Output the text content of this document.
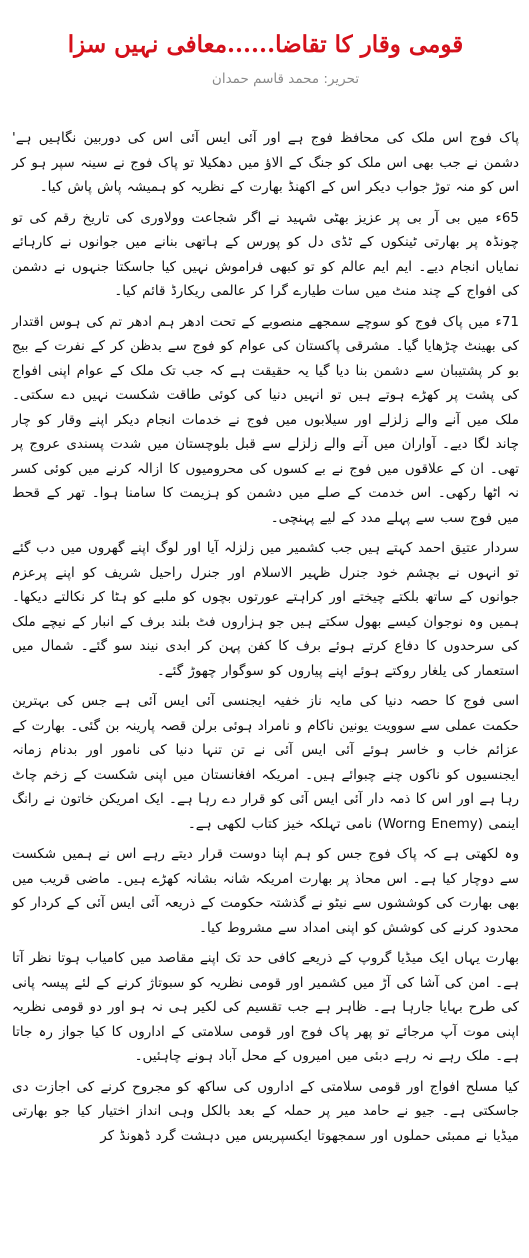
قومی وقار کا تقاضا......معافی نہیں سزا
تحریر: محمد قاسم حمدان

پاک فوج اس ملک کی محافظ فوج ہے اور آئی ایس آئی اس کی دوربین نگاہیں ہے' دشمن نے جب بھی اس ملک کو جنگ کے الاؤ میں دھکیلا تو پاک فوج نے سینہ سپر ہو کر اس کو منہ توڑ جواب دیکر اس کے اکھنڈ بھارت کے نظریہ کو ہمیشہ پاش پاش کیا۔

65ء میں بی آر بی پر عزیز بھٹی شہید نے اگر شجاعت وولاوری کی تاریخ رقم کی تو چونڈہ پر بھارتی ٹینکوں کے ٹڈی دل کو پورس کے ہاتھی بنانے میں جوانوں نے کارہائے نمایاں انجام دیے۔ ایم ایم عالم کو تو کبھی فراموش نہیں کیا جاسکتا جنہوں نے دشمن کی افواج کے چند منٹ میں سات طیارے گرا کر عالمی ریکارڈ قائم کیا۔

71ء میں پاک فوج کو سوچے سمجھے منصوبے کے تحت ادھر ہم ادھر تم کی ہوس اقتدار کی بھینٹ چڑھایا گیا۔ مشرقی پاکستان کی عوام کو فوج سے بدظن کر کے نفرت کے بیج بو کر پشتیبان سے دشمن بنا دیا گیا یہ حقیقت ہے کہ جب تک ملک کے عوام اپنی افواج کی پشت پر کھڑے ہوتے ہیں تو انہیں دنیا کی کوئی طاقت شکست نہیں دے سکتی۔ ملک میں آنے والے زلزلے اور سیلابوں میں فوج نے خدمات انجام دیکر اپنے وقار کو چار چاند لگا دیے۔ آواران میں آنے والے زلزلے سے قبل بلوچستان میں شدت پسندی عروج پر تھی۔ ان کے علاقوں میں فوج نے بے کسوں کی محرومیوں کا ازالہ کرنے میں کوئی کسر نہ اٹھا رکھی۔ اس خدمت کے صلے میں دشمن کو ہزیمت کا سامنا ہوا۔ تھر کے قحط میں فوج سب سے پہلے مدد کے لیے پہنچی۔

سردار عتیق احمد کہتے ہیں جب کشمیر میں زلزلہ آیا اور لوگ اپنے گھروں میں دب گئے تو انہوں نے بچشم خود جنرل ظہیر الاسلام اور جنرل راحیل شریف کو اپنے پرعزم جوانوں کے ساتھ بلکتے چیختے اور کراہتے عورتوں بچوں کو ملبے کو ہٹا کر نکالتے دیکھا۔ ہمیں وہ نوجوان کیسے بھول سکتے ہیں جو ہزاروں فٹ بلند برف کے انبار کے نیچے ملک کی سرحدوں کا دفاع کرتے ہوئے برف کا کفن پہن کر ابدی نیند سو گئے۔ شمال میں استعمار کی یلغار روکتے ہوئے اپنے پیاروں کو سوگوار چھوڑ گئے۔

اسی فوج کا حصہ دنیا کی مایہ ناز خفیہ ایجنسی آئی ایس آئی ہے جس کی بہترین حکمت عملی سے سوویت یونین ناکام و نامراد ہوئی برلن قصہ پارینہ بن گئی۔ بھارت کے عزائم خاب و خاسر ہوئے آئی ایس آئی نے تن تنہا دنیا کی نامور اور بدنام زمانہ ایجنسیوں کو ناکوں چنے چبوائے ہیں۔ امریکہ افغانستان میں اپنی شکست کے زخم چاٹ رہا ہے اور اس کا ذمہ دار آئی ایس آئی کو قرار دے رہا ہے۔ ایک امریکن خاتون نے رانگ اینمی (Worng Enemy) نامی تہلکہ خیز کتاب لکھی ہے۔

وہ لکھتی ہے کہ پاک فوج جس کو ہم اپنا دوست قرار دیتے رہے اس نے ہمیں شکست سے دوچار کیا ہے۔ اس محاذ پر بھارت امریکہ شانہ بشانہ کھڑے ہیں۔ ماضی قریب میں بھی بھارت کی کوششوں سے نیٹو نے گذشتہ حکومت کے ذریعہ آئی ایس آئی کے کردار کو محدود کرنے کی کوشش کو اپنی امداد سے مشروط کیا۔

بھارت یہاں ایک میڈیا گروپ کے ذریعے کافی حد تک اپنے مقاصد میں کامیاب ہوتا نظر آتا ہے۔ امن کی آشا کی آڑ میں کشمیر اور قومی نظریہ کو سبوتاژ کرنے کے لئے پیسہ پانی کی طرح بہایا جارہا ہے۔ ظاہر ہے جب تقسیم کی لکیر ہی نہ ہو اور دو قومی نظریہ اپنی موت آپ مرجائے تو پھر پاک فوج اور قومی سلامتی کے اداروں کا کیا جواز رہ جاتا ہے۔ ملک رہے نہ رہے دبئی میں امیروں کے محل آباد ہونے چاہئیں۔

کیا مسلح افواج اور قومی سلامتی کے اداروں کی ساکھ کو مجروح کرنے کی اجازت دی جاسکتی ہے۔ جیو نے حامد میر پر حملہ کے بعد بالکل وہی انداز اختیار کیا جو بھارتی میڈیا نے ممبئی حملوں اور سمجھوتا ایکسپریس میں دہشت گرد ڈھونڈ کر
